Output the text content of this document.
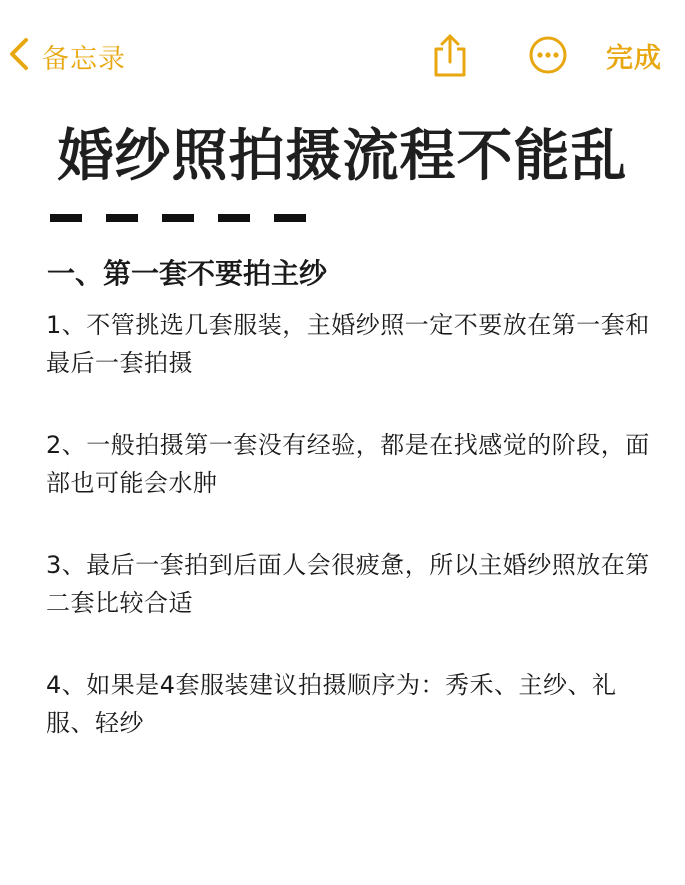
备忘录	完成
婚纱照拍摄流程不能乱
一、第一套不要拍主纱

1、不管挑选几套服装，主婚纱照一定不要放在第一套和最后一套拍摄

2、一般拍摄第一套没有经验，都是在找感觉的阶段，面部也可能会水肿

3、最后一套拍到后面人会很疲惫，所以主婚纱照放在第二套比较合适

4、如果是4套服装建议拍摄顺序为：秀禾、主纱、礼服、轻纱
